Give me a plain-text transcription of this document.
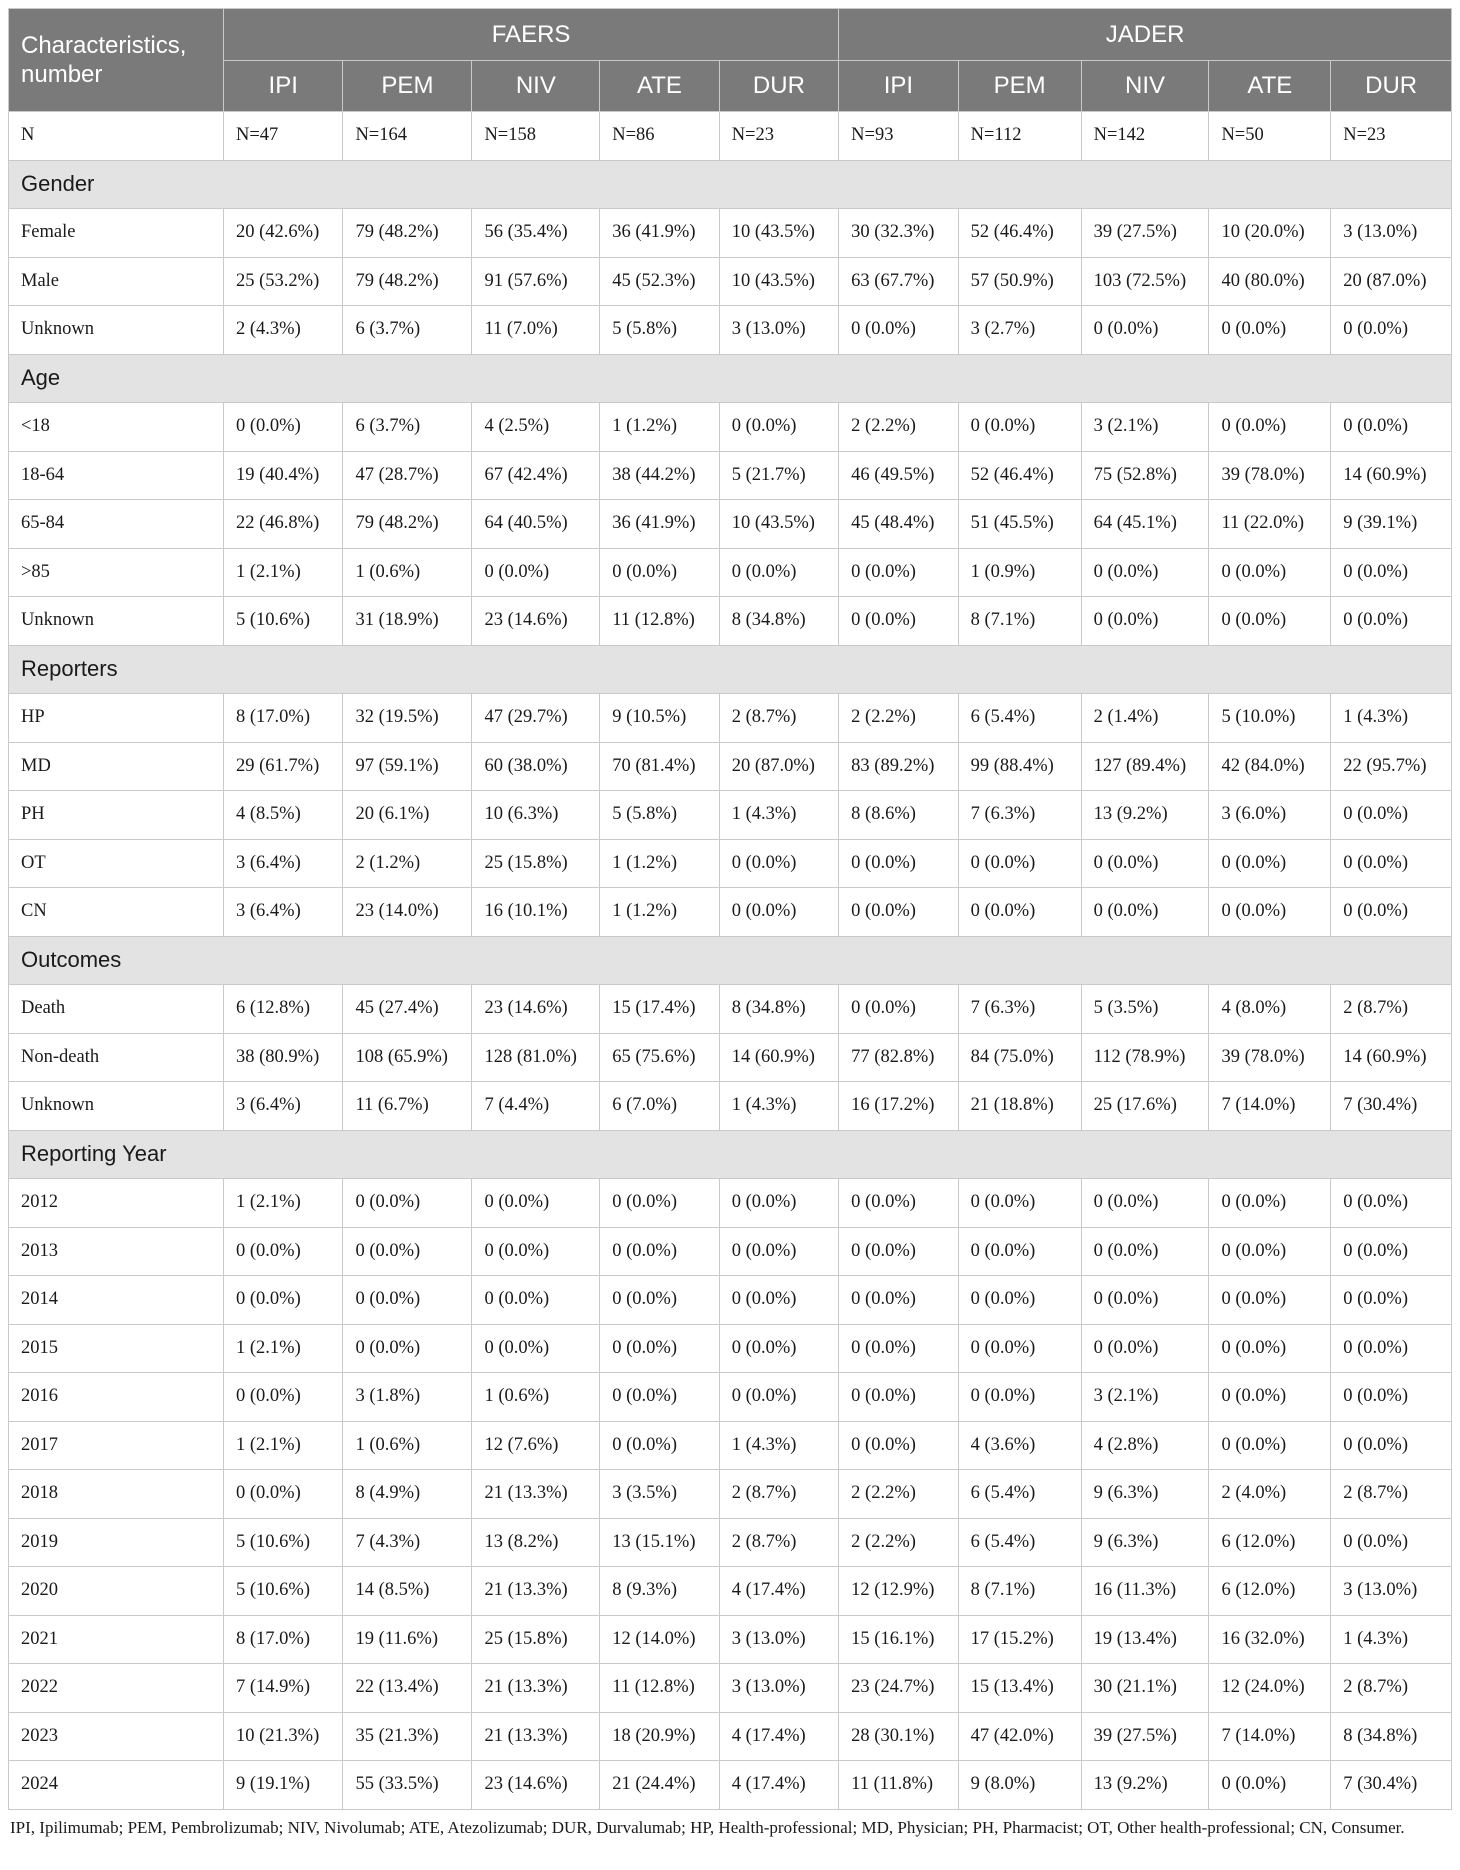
Characteristics, number	FAERS					JADER				
	IPI	PEM	NIV	ATE	DUR	IPI	PEM	NIV	ATE	DUR
N	N=47	N=164	N=158	N=86	N=23	N=93	N=112	N=142	N=50	N=23
Gender										
Female	20 (42.6%)	79 (48.2%)	56 (35.4%)	36 (41.9%)	10 (43.5%)	30 (32.3%)	52 (46.4%)	39 (27.5%)	10 (20.0%)	3 (13.0%)
Male	25 (53.2%)	79 (48.2%)	91 (57.6%)	45 (52.3%)	10 (43.5%)	63 (67.7%)	57 (50.9%)	103 (72.5%)	40 (80.0%)	20 (87.0%)
Unknown	2 (4.3%)	6 (3.7%)	11 (7.0%)	5 (5.8%)	3 (13.0%)	0 (0.0%)	3 (2.7%)	0 (0.0%)	0 (0.0%)	0 (0.0%)
Age										
<18	0 (0.0%)	6 (3.7%)	4 (2.5%)	1 (1.2%)	0 (0.0%)	2 (2.2%)	0 (0.0%)	3 (2.1%)	0 (0.0%)	0 (0.0%)
18-64	19 (40.4%)	47 (28.7%)	67 (42.4%)	38 (44.2%)	5 (21.7%)	46 (49.5%)	52 (46.4%)	75 (52.8%)	39 (78.0%)	14 (60.9%)
65-84	22 (46.8%)	79 (48.2%)	64 (40.5%)	36 (41.9%)	10 (43.5%)	45 (48.4%)	51 (45.5%)	64 (45.1%)	11 (22.0%)	9 (39.1%)
>85	1 (2.1%)	1 (0.6%)	0 (0.0%)	0 (0.0%)	0 (0.0%)	0 (0.0%)	1 (0.9%)	0 (0.0%)	0 (0.0%)	0 (0.0%)
Unknown	5 (10.6%)	31 (18.9%)	23 (14.6%)	11 (12.8%)	8 (34.8%)	0 (0.0%)	8 (7.1%)	0 (0.0%)	0 (0.0%)	0 (0.0%)
Reporters										
HP	8 (17.0%)	32 (19.5%)	47 (29.7%)	9 (10.5%)	2 (8.7%)	2 (2.2%)	6 (5.4%)	2 (1.4%)	5 (10.0%)	1 (4.3%)
MD	29 (61.7%)	97 (59.1%)	60 (38.0%)	70 (81.4%)	20 (87.0%)	83 (89.2%)	99 (88.4%)	127 (89.4%)	42 (84.0%)	22 (95.7%)
PH	4 (8.5%)	20 (6.1%)	10 (6.3%)	5 (5.8%)	1 (4.3%)	8 (8.6%)	7 (6.3%)	13 (9.2%)	3 (6.0%)	0 (0.0%)
OT	3 (6.4%)	2 (1.2%)	25 (15.8%)	1 (1.2%)	0 (0.0%)	0 (0.0%)	0 (0.0%)	0 (0.0%)	0 (0.0%)	0 (0.0%)
CN	3 (6.4%)	23 (14.0%)	16 (10.1%)	1 (1.2%)	0 (0.0%)	0 (0.0%)	0 (0.0%)	0 (0.0%)	0 (0.0%)	0 (0.0%)
Outcomes										
Death	6 (12.8%)	45 (27.4%)	23 (14.6%)	15 (17.4%)	8 (34.8%)	0 (0.0%)	7 (6.3%)	5 (3.5%)	4 (8.0%)	2 (8.7%)
Non-death	38 (80.9%)	108 (65.9%)	128 (81.0%)	65 (75.6%)	14 (60.9%)	77 (82.8%)	84 (75.0%)	112 (78.9%)	39 (78.0%)	14 (60.9%)
Unknown	3 (6.4%)	11 (6.7%)	7 (4.4%)	6 (7.0%)	1 (4.3%)	16 (17.2%)	21 (18.8%)	25 (17.6%)	7 (14.0%)	7 (30.4%)
Reporting Year										
2012	1 (2.1%)	0 (0.0%)	0 (0.0%)	0 (0.0%)	0 (0.0%)	0 (0.0%)	0 (0.0%)	0 (0.0%)	0 (0.0%)	0 (0.0%)
2013	0 (0.0%)	0 (0.0%)	0 (0.0%)	0 (0.0%)	0 (0.0%)	0 (0.0%)	0 (0.0%)	0 (0.0%)	0 (0.0%)	0 (0.0%)
2014	0 (0.0%)	0 (0.0%)	0 (0.0%)	0 (0.0%)	0 (0.0%)	0 (0.0%)	0 (0.0%)	0 (0.0%)	0 (0.0%)	0 (0.0%)
2015	1 (2.1%)	0 (0.0%)	0 (0.0%)	0 (0.0%)	0 (0.0%)	0 (0.0%)	0 (0.0%)	0 (0.0%)	0 (0.0%)	0 (0.0%)
2016	0 (0.0%)	3 (1.8%)	1 (0.6%)	0 (0.0%)	0 (0.0%)	0 (0.0%)	0 (0.0%)	3 (2.1%)	0 (0.0%)	0 (0.0%)
2017	1 (2.1%)	1 (0.6%)	12 (7.6%)	0 (0.0%)	1 (4.3%)	0 (0.0%)	4 (3.6%)	4 (2.8%)	0 (0.0%)	0 (0.0%)
2018	0 (0.0%)	8 (4.9%)	21 (13.3%)	3 (3.5%)	2 (8.7%)	2 (2.2%)	6 (5.4%)	9 (6.3%)	2 (4.0%)	2 (8.7%)
2019	5 (10.6%)	7 (4.3%)	13 (8.2%)	13 (15.1%)	2 (8.7%)	2 (2.2%)	6 (5.4%)	9 (6.3%)	6 (12.0%)	0 (0.0%)
2020	5 (10.6%)	14 (8.5%)	21 (13.3%)	8 (9.3%)	4 (17.4%)	12 (12.9%)	8 (7.1%)	16 (11.3%)	6 (12.0%)	3 (13.0%)
2021	8 (17.0%)	19 (11.6%)	25 (15.8%)	12 (14.0%)	3 (13.0%)	15 (16.1%)	17 (15.2%)	19 (13.4%)	16 (32.0%)	1 (4.3%)
2022	7 (14.9%)	22 (13.4%)	21 (13.3%)	11 (12.8%)	3 (13.0%)	23 (24.7%)	15 (13.4%)	30 (21.1%)	12 (24.0%)	2 (8.7%)
2023	10 (21.3%)	35 (21.3%)	21 (13.3%)	18 (20.9%)	4 (17.4%)	28 (30.1%)	47 (42.0%)	39 (27.5%)	7 (14.0%)	8 (34.8%)
2024	9 (19.1%)	55 (33.5%)	23 (14.6%)	21 (24.4%)	4 (17.4%)	11 (11.8%)	9 (8.0%)	13 (9.2%)	0 (0.0%)	7 (30.4%)
IPI, Ipilimumab; PEM, Pembrolizumab; NIV, Nivolumab; ATE, Atezolizumab; DUR, Durvalumab; HP, Health-professional; MD, Physician; PH, Pharmacist; OT, Other health-professional; CN, Consumer.
